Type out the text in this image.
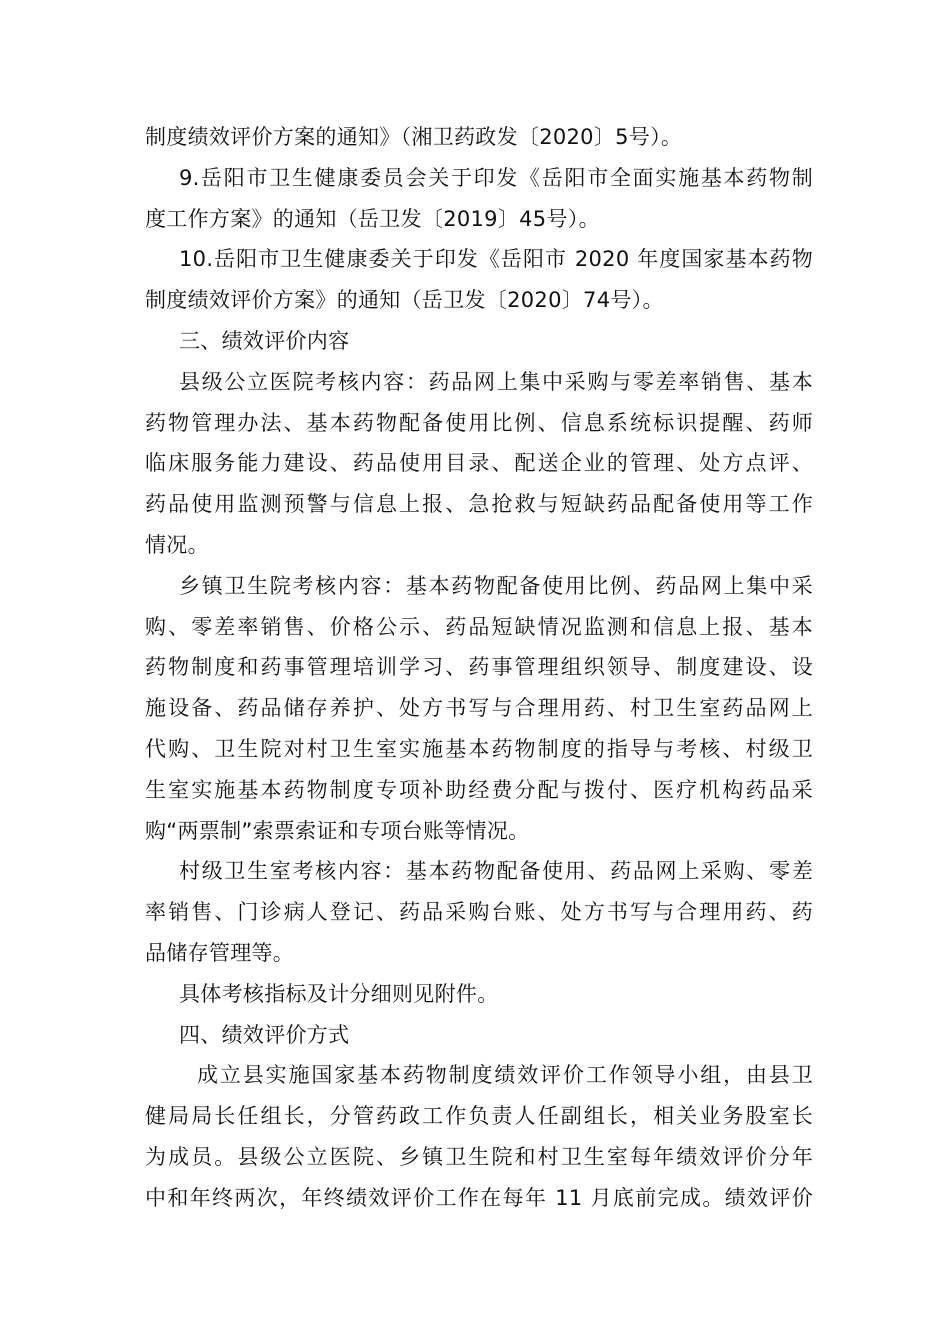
制度绩效评价方案的通知》（湘卫药政发〔2020〕5号）。
9.岳阳市卫生健康委员会关于印发《岳阳市全面实施基本药物制
度工作方案》的通知（岳卫发〔2019〕45号）。
10.岳阳市卫生健康委关于印发《岳阳市 2020 年度国家基本药物
制度绩效评价方案》的通知（岳卫发〔2020〕74号）。
三、绩效评价内容
县级公立医院考核内容：药品网上集中采购与零差率销售、基本
药物管理办法、基本药物配备使用比例、信息系统标识提醒、药师
临床服务能力建设、药品使用目录、配送企业的管理、处方点评、
药品使用监测预警与信息上报、急抢救与短缺药品配备使用等工作
情况。
乡镇卫生院考核内容：基本药物配备使用比例、药品网上集中采
购、零差率销售、价格公示、药品短缺情况监测和信息上报、基本
药物制度和药事管理培训学习、药事管理组织领导、制度建设、设
施设备、药品储存养护、处方书写与合理用药、村卫生室药品网上
代购、卫生院对村卫生室实施基本药物制度的指导与考核、村级卫
生室实施基本药物制度专项补助经费分配与拨付、医疗机构药品采
购“两票制”索票索证和专项台账等情况。
村级卫生室考核内容：基本药物配备使用、药品网上采购、零差
率销售、门诊病人登记、药品采购台账、处方书写与合理用药、药
品储存管理等。
具体考核指标及计分细则见附件。
四、绩效评价方式
成立县实施国家基本药物制度绩效评价工作领导小组，由县卫
健局局长任组长，分管药政工作负责人任副组长，相关业务股室长
为成员。县级公立医院、乡镇卫生院和村卫生室每年绩效评价分年
中和年终两次，年终绩效评价工作在每年 11 月底前完成。绩效评价
